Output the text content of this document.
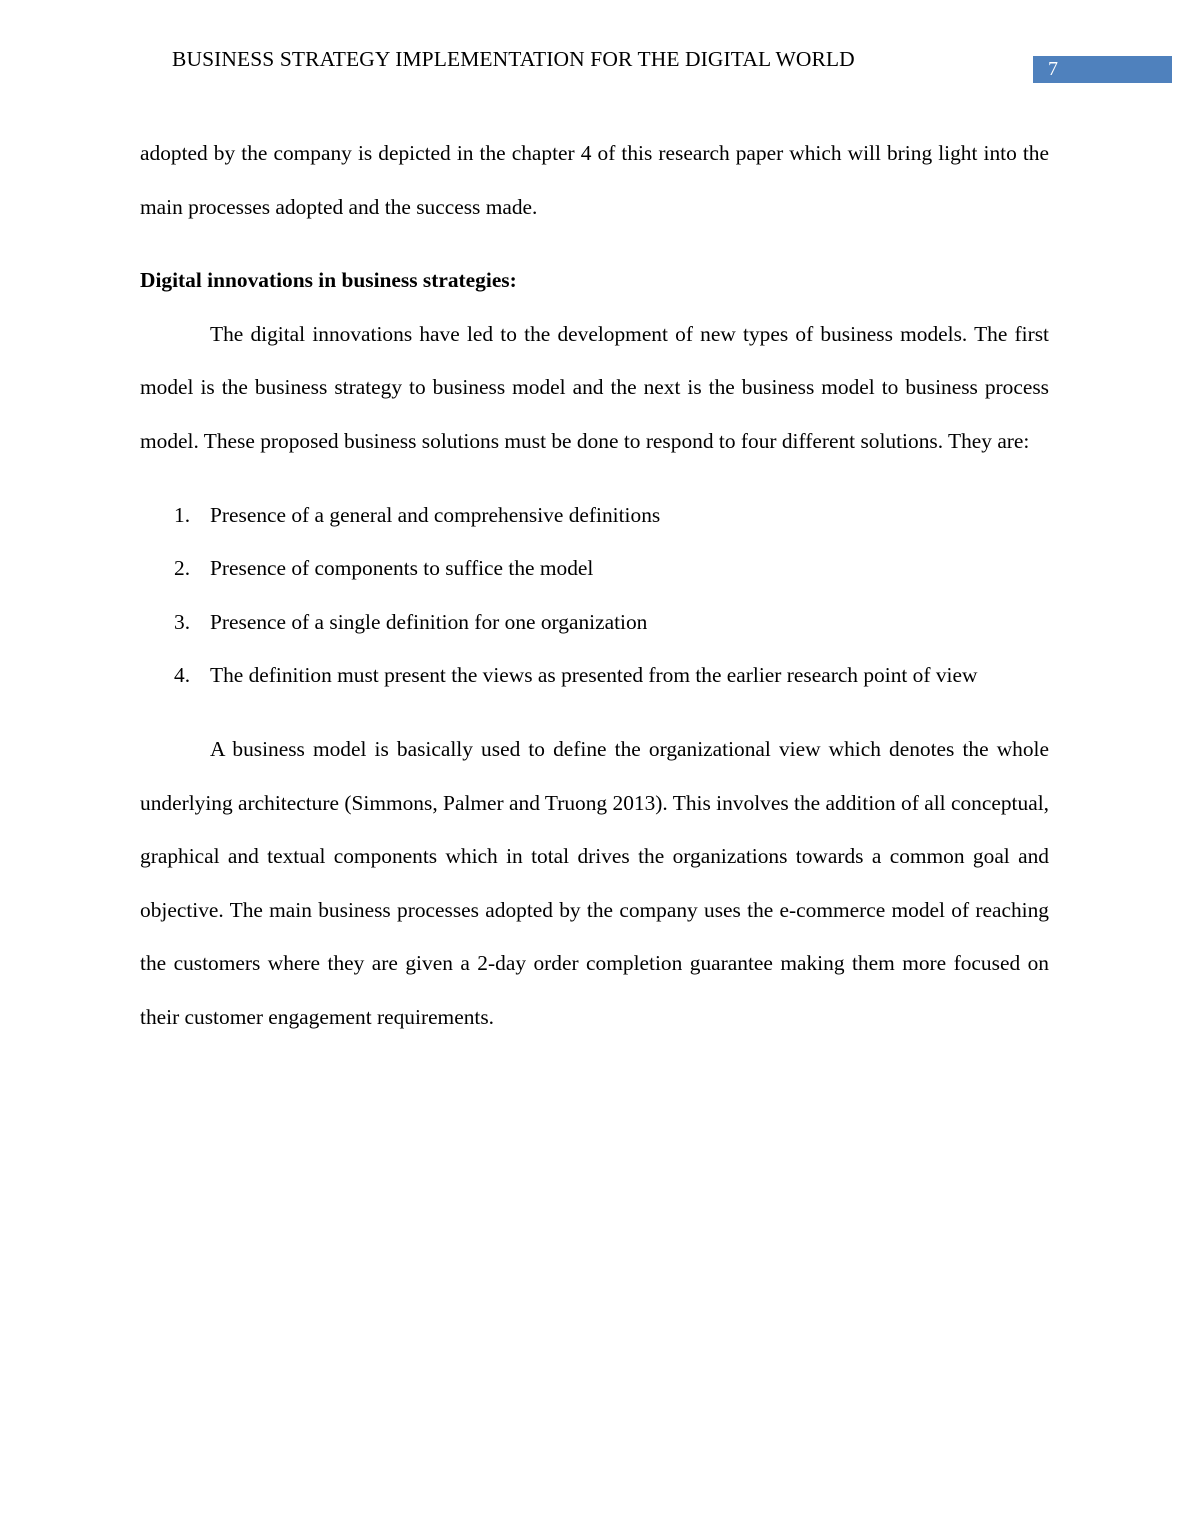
BUSINESS STRATEGY IMPLEMENTATION FOR THE DIGITAL WORLD	7

adopted by the company is depicted in the chapter 4 of this research paper which will bring light into the main processes adopted and the success made.

Digital innovations in business strategies:

The digital innovations have led to the development of new types of business models. The first model is the business strategy to business model and the next is the business model to business process model. These proposed business solutions must be done to respond to four different solutions. They are:

1. Presence of a general and comprehensive definitions
2. Presence of components to suffice the model
3. Presence of a single definition for one organization
4. The definition must present the views as presented from the earlier research point of view

A business model is basically used to define the organizational view which denotes the whole underlying architecture (Simmons, Palmer and Truong 2013). This involves the addition of all conceptual, graphical and textual components which in total drives the organizations towards a common goal and objective. The main business processes adopted by the company uses the e-commerce model of reaching the customers where they are given a 2-day order completion guarantee making them more focused on their customer engagement requirements.
